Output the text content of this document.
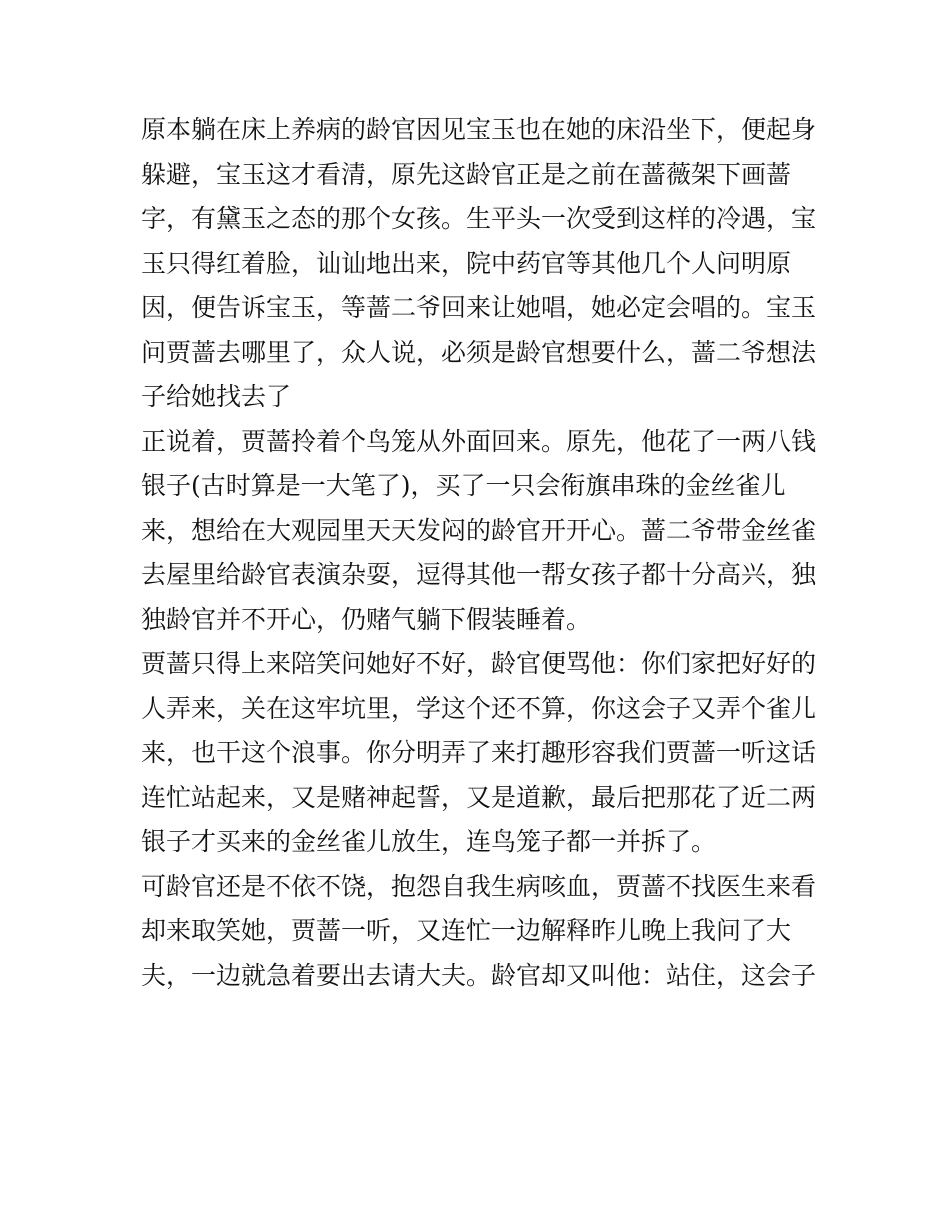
原本躺在床上养病的龄官因见宝玉也在她的床沿坐下，便起身
躲避，宝玉这才看清，原先这龄官正是之前在蔷薇架下画蔷
字，有黛玉之态的那个女孩。生平头一次受到这样的冷遇，宝
玉只得红着脸，讪讪地出来，院中药官等其他几个人问明原
因，便告诉宝玉，等蔷二爷回来让她唱，她必定会唱的。宝玉
问贾蔷去哪里了，众人说，必须是龄官想要什么，蔷二爷想法
子给她找去了
正说着，贾蔷拎着个鸟笼从外面回来。原先，他花了一两八钱
银子(古时算是一大笔了)，买了一只会衔旗串珠的金丝雀儿
来，想给在大观园里天天发闷的龄官开开心。蔷二爷带金丝雀
去屋里给龄官表演杂耍，逗得其他一帮女孩子都十分高兴，独
独龄官并不开心，仍赌气躺下假装睡着。
贾蔷只得上来陪笑问她好不好，龄官便骂他：你们家把好好的
人弄来，关在这牢坑里，学这个还不算，你这会子又弄个雀儿
来，也干这个浪事。你分明弄了来打趣形容我们贾蔷一听这话
连忙站起来，又是赌神起誓，又是道歉，最后把那花了近二两
银子才买来的金丝雀儿放生，连鸟笼子都一并拆了。
可龄官还是不依不饶，抱怨自我生病咳血，贾蔷不找医生来看
却来取笑她，贾蔷一听，又连忙一边解释昨儿晚上我问了大
夫，一边就急着要出去请大夫。龄官却又叫他：站住，这会子
